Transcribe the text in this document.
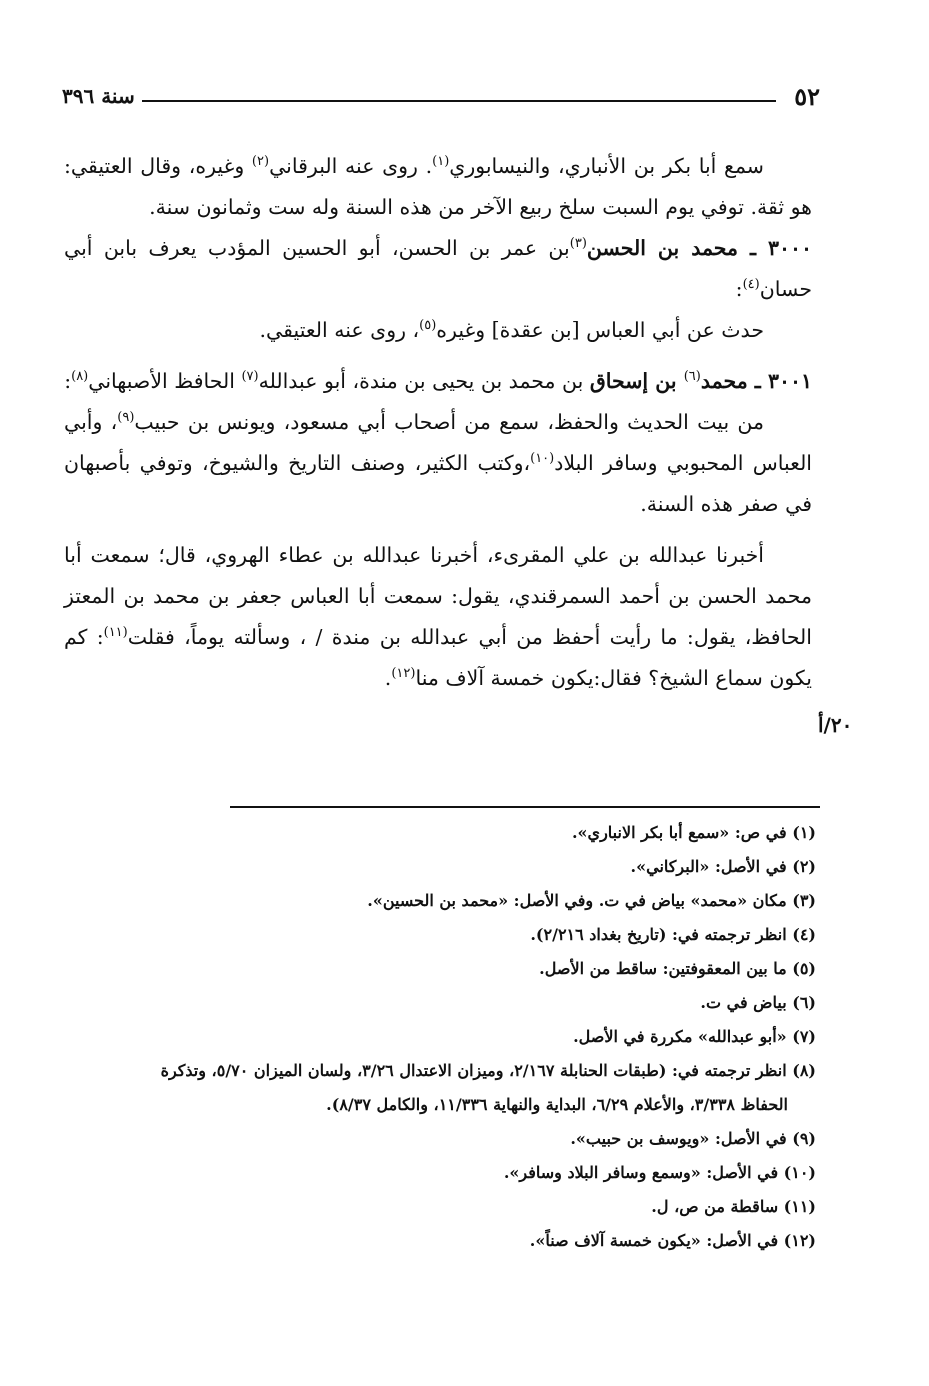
٥٢
سنة ٣٩٦

سمع أبا بكر بن الأنباري، والنيسابوري$^{(١)}$. روى عنه البرقاني$^{(٢)}$ وغيره، وقال العتيقي: هو ثقة. توفي يوم السبت سلخ ربيع الآخر من هذه السنة وله ست وثمانون سنة.

٣٠٠٠ ـ محمد بن الحسن$^{(٣)}$بن عمر بن الحسن، أبو الحسين المؤدب يعرف بابن أبي حسان$^{(٤)}$:

حدث عن أبي العباس [بن عقدة] وغيره$^{(٥)}$، روى عنه العتيقي.

٣٠٠١ ـ محمد$^{(٦)}$ بن إسحاق بن محمد بن يحيى بن مندة، أبو عبدالله$^{(٧)}$ الحافظ الأصبهاني$^{(٨)}$:

من بيت الحديث والحفظ، سمع من أصحاب أبي مسعود، ويونس بن حبيب$^{(٩)}$، وأبي العباس المحبوبي وسافر البلاد$^{(١٠)}$،وكتب الكثير، وصنف التاريخ والشيوخ، وتوفي بأصبهان في صفر هذه السنة.

أخبرنا عبدالله بن علي المقرىء، أخبرنا عبدالله بن عطاء الهروي، قال؛ سمعت أبا محمد الحسن بن أحمد السمرقندي، يقول: سمعت أبا العباس جعفر بن محمد بن المعتز الحافظ، يقول: ما رأيت أحفظ من أبي عبدالله بن مندة / ، وسألته يوماً، فقلت$^{(١١)}$: كم يكون سماع الشيخ؟ فقال:يكون خمسة آلاف منا$^{(١٢)}$.

٢٠/أ

(١) في ص: «سمع أبا بكر الانباري».

(٢) في الأصل: «البركاني».

(٣) مكان «محمد» بياض في ت. وفي الأصل: «محمد بن الحسين».

(٤) انظر ترجمته في: (تاريخ بغداد ٢/٢١٦).

(٥) ما بين المعقوفتين: ساقط من الأصل.

(٦) بياض في ت.

(٧) «أبو عبدالله» مكررة في الأصل.

(٨) انظر ترجمته في: (طبقات الحنابلة ٢/١٦٧، وميزان الاعتدال ٣/٢٦، ولسان الميزان ٥/٧٠، وتذكرة

الحفاظ ٣/٣٣٨، والأعلام ٦/٢٩، البداية والنهاية ١١/٣٣٦، والكامل ٨/٣٧).

(٩) في الأصل: «ويوسف بن حبيب».

(١٠) في الأصل: «وسمع وسافر البلاد وسافر».

(١١) ساقطة من ص، ل.

(١٢) في الأصل: «يكون خمسة آلاف صناً».
